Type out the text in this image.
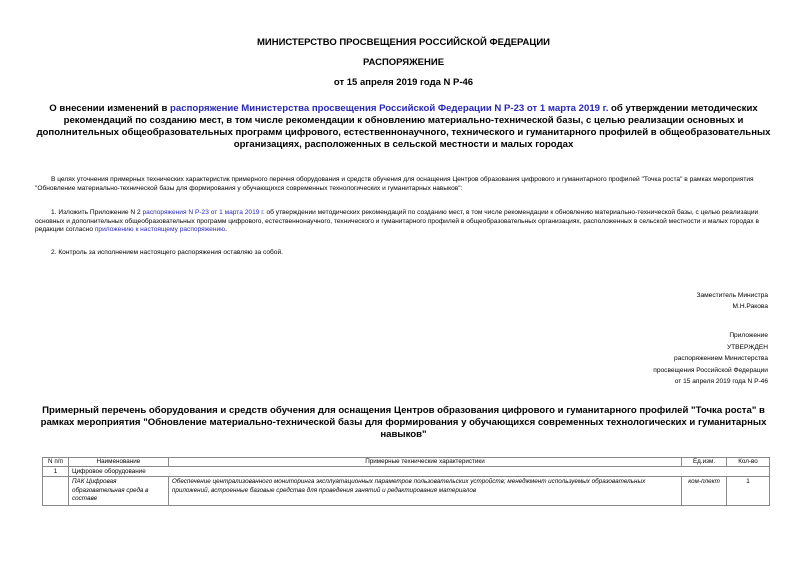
МИНИСТЕРСТВО ПРОСВЕЩЕНИЯ РОССИЙСКОЙ ФЕДЕРАЦИИ
РАСПОРЯЖЕНИЕ
от 15 апреля 2019 года N Р-46
О внесении изменений в распоряжение Министерства просвещения Российской Федерации N Р-23 от 1 марта 2019 г. об утверждении методических рекомендаций по созданию мест, в том числе рекомендации к обновлению материально-технической базы, с целью реализации основных и дополнительных общеобразовательных программ цифрового, естественнонаучного, технического и гуманитарного профилей в общеобразовательных организациях, расположенных в сельской местности и малых городах
В целях уточнения примерных технических характеристик примерного перечня оборудования и средств обучения для оснащения Центров образования цифрового и гуманитарного профилей "Точка роста" в рамках мероприятия "Обновление материально-технической базы для формирования у обучающихся современных технологических и гуманитарных навыков":
1. Изложить Приложение N 2 распоряжения N Р-23 от 1 марта 2019 г. об утверждении методических рекомендаций по созданию мест, в том числе рекомендации к обновлению материально-технической базы, с целью реализации основных и дополнительных общеобразовательных программ цифрового, естественнонаучного, технического и гуманитарного профилей в общеобразовательных организациях, расположенных в сельской местности и малых городах в редакции согласно приложению к настоящему распоряжению.
2. Контроль за исполнением настоящего распоряжения оставляю за собой.
Заместитель Министра
М.Н.Ракова
Приложение
УТВЕРЖДЕН
распоряжением Министерства
просвещения Российской Федерации
от 15 апреля 2019 года N Р-46
Примерный перечень оборудования и средств обучения для оснащения Центров образования цифрового и гуманитарного профилей "Точка роста" в рамках мероприятия "Обновление материально-технической базы для формирования у обучающихся современных технологических и гуманитарных навыков"
N п/п	Наименование	Примерные технические характеристики	Ед.изм.	Кол-во
1	Цифровое оборудование			
	ПАК Цифровая образовательная среда в составе	Обеспечение централизованного мониторинга эксплуатационных параметров пользовательских устройств; менеджмент используемых образовательных приложений, встроенные базовые средства для проведения занятий и редактирования материалов	ком-плект	1
